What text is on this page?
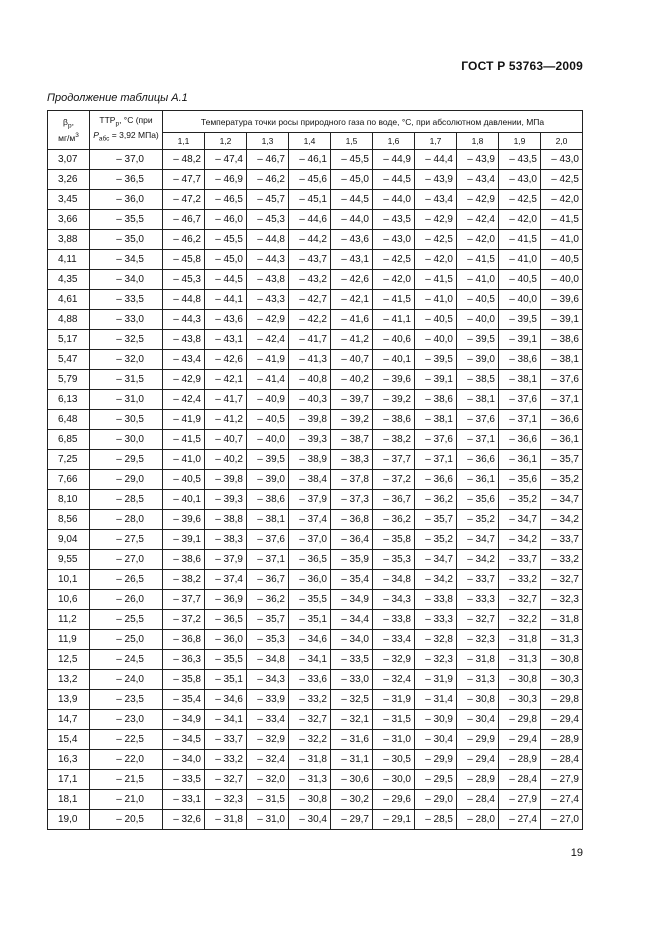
ГОСТ Р 53763—2009
Продолжение таблицы А.1
$\beta_р$,
$мг/м^3$	$ТТР_р$, °С (при
$Р_{абс} = 3,92$ МПа)	Температура точки росы природного газа по воде, °С, при абсолютном давлении, МПа									
		1,1	1,2	1,3	1,4	1,5	1,6	1,7	1,8	1,9	2,0
3,07	– 37,0	– 48,2	– 47,4	– 46,7	– 46,1	– 45,5	– 44,9	– 44,4	– 43,9	– 43,5	– 43,0
3,26	– 36,5	– 47,7	– 46,9	– 46,2	– 45,6	– 45,0	– 44,5	– 43,9	– 43,4	– 43,0	– 42,5
3,45	– 36,0	– 47,2	– 46,5	– 45,7	– 45,1	– 44,5	– 44,0	– 43,4	– 42,9	– 42,5	– 42,0
3,66	– 35,5	– 46,7	– 46,0	– 45,3	– 44,6	– 44,0	– 43,5	– 42,9	– 42,4	– 42,0	– 41,5
3,88	– 35,0	– 46,2	– 45,5	– 44,8	– 44,2	– 43,6	– 43,0	– 42,5	– 42,0	– 41,5	– 41,0
4,11	– 34,5	– 45,8	– 45,0	– 44,3	– 43,7	– 43,1	– 42,5	– 42,0	– 41,5	– 41,0	– 40,5
4,35	– 34,0	– 45,3	– 44,5	– 43,8	– 43,2	– 42,6	– 42,0	– 41,5	– 41,0	– 40,5	– 40,0
4,61	– 33,5	– 44,8	– 44,1	– 43,3	– 42,7	– 42,1	– 41,5	– 41,0	– 40,5	– 40,0	– 39,6
4,88	– 33,0	– 44,3	– 43,6	– 42,9	– 42,2	– 41,6	– 41,1	– 40,5	– 40,0	– 39,5	– 39,1
5,17	– 32,5	– 43,8	– 43,1	– 42,4	– 41,7	– 41,2	– 40,6	– 40,0	– 39,5	– 39,1	– 38,6
5,47	– 32,0	– 43,4	– 42,6	– 41,9	– 41,3	– 40,7	– 40,1	– 39,5	– 39,0	– 38,6	– 38,1
5,79	– 31,5	– 42,9	– 42,1	– 41,4	– 40,8	– 40,2	– 39,6	– 39,1	– 38,5	– 38,1	– 37,6
6,13	– 31,0	– 42,4	– 41,7	– 40,9	– 40,3	– 39,7	– 39,2	– 38,6	– 38,1	– 37,6	– 37,1
6,48	– 30,5	– 41,9	– 41,2	– 40,5	– 39,8	– 39,2	– 38,6	– 38,1	– 37,6	– 37,1	– 36,6
6,85	– 30,0	– 41,5	– 40,7	– 40,0	– 39,3	– 38,7	– 38,2	– 37,6	– 37,1	– 36,6	– 36,1
7,25	– 29,5	– 41,0	– 40,2	– 39,5	– 38,9	– 38,3	– 37,7	– 37,1	– 36,6	– 36,1	– 35,7
7,66	– 29,0	– 40,5	– 39,8	– 39,0	– 38,4	– 37,8	– 37,2	– 36,6	– 36,1	– 35,6	– 35,2
8,10	– 28,5	– 40,1	– 39,3	– 38,6	– 37,9	– 37,3	– 36,7	– 36,2	– 35,6	– 35,2	– 34,7
8,56	– 28,0	– 39,6	– 38,8	– 38,1	– 37,4	– 36,8	– 36,2	– 35,7	– 35,2	– 34,7	– 34,2
9,04	– 27,5	– 39,1	– 38,3	– 37,6	– 37,0	– 36,4	– 35,8	– 35,2	– 34,7	– 34,2	– 33,7
9,55	– 27,0	– 38,6	– 37,9	– 37,1	– 36,5	– 35,9	– 35,3	– 34,7	– 34,2	– 33,7	– 33,2
10,1	– 26,5	– 38,2	– 37,4	– 36,7	– 36,0	– 35,4	– 34,8	– 34,2	– 33,7	– 33,2	– 32,7
10,6	– 26,0	– 37,7	– 36,9	– 36,2	– 35,5	– 34,9	– 34,3	– 33,8	– 33,3	– 32,7	– 32,3
11,2	– 25,5	– 37,2	– 36,5	– 35,7	– 35,1	– 34,4	– 33,8	– 33,3	– 32,7	– 32,2	– 31,8
11,9	– 25,0	– 36,8	– 36,0	– 35,3	– 34,6	– 34,0	– 33,4	– 32,8	– 32,3	– 31,8	– 31,3
12,5	– 24,5	– 36,3	– 35,5	– 34,8	– 34,1	– 33,5	– 32,9	– 32,3	– 31,8	– 31,3	– 30,8
13,2	– 24,0	– 35,8	– 35,1	– 34,3	– 33,6	– 33,0	– 32,4	– 31,9	– 31,3	– 30,8	– 30,3
13,9	– 23,5	– 35,4	– 34,6	– 33,9	– 33,2	– 32,5	– 31,9	– 31,4	– 30,8	– 30,3	– 29,8
14,7	– 23,0	– 34,9	– 34,1	– 33,4	– 32,7	– 32,1	– 31,5	– 30,9	– 30,4	– 29,8	– 29,4
15,4	– 22,5	– 34,5	– 33,7	– 32,9	– 32,2	– 31,6	– 31,0	– 30,4	– 29,9	– 29,4	– 28,9
16,3	– 22,0	– 34,0	– 33,2	– 32,4	– 31,8	– 31,1	– 30,5	– 29,9	– 29,4	– 28,9	– 28,4
17,1	– 21,5	– 33,5	– 32,7	– 32,0	– 31,3	– 30,6	– 30,0	– 29,5	– 28,9	– 28,4	– 27,9
18,1	– 21,0	– 33,1	– 32,3	– 31,5	– 30,8	– 30,2	– 29,6	– 29,0	– 28,4	– 27,9	– 27,4
19,0	– 20,5	– 32,6	– 31,8	– 31,0	– 30,4	– 29,7	– 29,1	– 28,5	– 28,0	– 27,4	– 27,0
19
